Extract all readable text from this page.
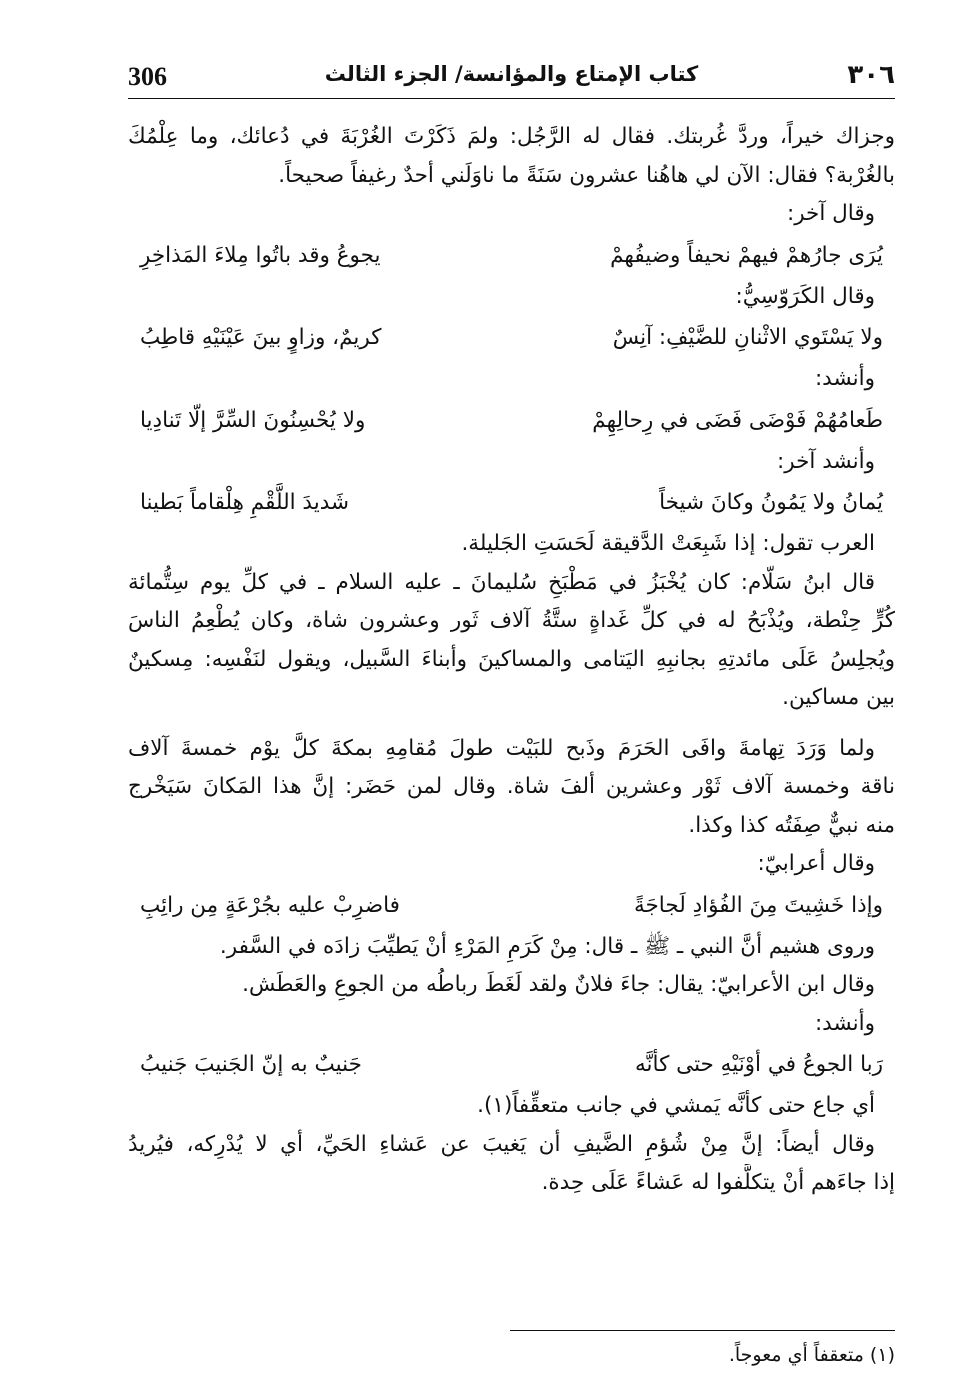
306	كتاب الإمتاع والمؤانسة/ الجزء الثالث	٣٠٦
وجزاك خيراً، وردَّ غُربتك. فقال له الرَّجُل: ولمَ ذَكَرْتَ الغُرْبَةَ في دُعائك، وما عِلْمُكَ
بالغُرْبة؟ فقال: الآن لي هاهُنا عشرون سَنَةً ما ناوَلَني أحدٌ رغيفاً صحيحاً.
وقال آخر:
يُرَى جارُهمْ فيهمْ نحيفاً وضيفُهمْ
يجوعُ وقد باتُوا مِلاءَ المَذاخِرِ
وقال الكَرَوّسِيُّ:
ولا يَسْتَوي الاثْنانِ للضَّيْفِ: آنِسٌ
كريمٌ، وزاوٍ بينَ عَيْنَيْهِ قاطِبُ
وأنشد:
طَعامُهُمْ فَوْضَى فَضَى في رِحالِهِمْ
ولا يُحْسِنُونَ السِّرَّ إلّا تَنادِيا
وأنشد آخر:
يُمانُ ولا يَمُونُ وكانَ شيخاً
شَديدَ اللَّقْمِ هِلْقاماً بَطينا
العرب تقول: إذا شَبِعَتْ الدَّقيقة لَحَسَتِ الجَليلة.
قال ابنُ سَلّام: كان يُخْبَزُ في مَطْبَخِ سُليمانَ ـ عليه السلام ـ في كلِّ يوم سِتُّمائة
كُرٍّ حِنْطة، ويُذْبَحُ له في كلِّ غَداةٍ ستَّةُ آلاف ثَور وعشرون شاة، وكان يُطْعِمُ الناسَ
ويُجلِسُ عَلَى مائدتِهِ بجانبِهِ اليَتامى والمساكينَ وأبناءَ السَّبيل، ويقول لنَفْسِه: مِسكينٌ
بين مساكين.
ولما وَرَدَ تِهامةَ وافَى الحَرَمَ وذَبح للبَيْت طولَ مُقامِهِ بمكةَ كلَّ يوْم خمسةَ آلاف
ناقة وخمسة آلاف ثَوْر وعشرين ألفَ شاة. وقال لمن حَضَر: إنَّ هذا المَكانَ سَيَخْرج
منه نبيٌّ صِفَتُه كذا وكذا.
وقال أعرابيّ:
وإذا خَشِيتَ مِنَ الفُؤادِ لَجاجَةً
فاضرِبْ عليه بجُرْعَةٍ مِن رائِبِ
وروى هشيم أنَّ النبي ـ ﷺ ـ قال: مِنْ كَرَمِ المَرْءِ أنْ يَطيِّبَ زادَه في السَّفر.
وقال ابن الأعرابيّ: يقال: جاءَ فلانٌ ولقد لَغَطَ رباطُه من الجوعِ والعَطَش.
وأنشد:
رَبا الجوعُ في أوْنَيْهِ حتى كأنَّه
جَنيبٌ به إنّ الجَنيبَ جَنيبُ
أي جاع حتى كأنَّه يَمشي في جانب متعقِّفاً(١).
وقال أيضاً: إنَّ مِنْ شُؤمِ الضَّيفِ أن يَغيبَ عن عَشاءِ الحَيِّ، أي لا يُدْرِكه، فيُريدُ
إذا جاءَهم أنْ يتكلَّفوا له عَشاءً عَلَى حِدة.
(١) متعقفاً أي معوجاً.
